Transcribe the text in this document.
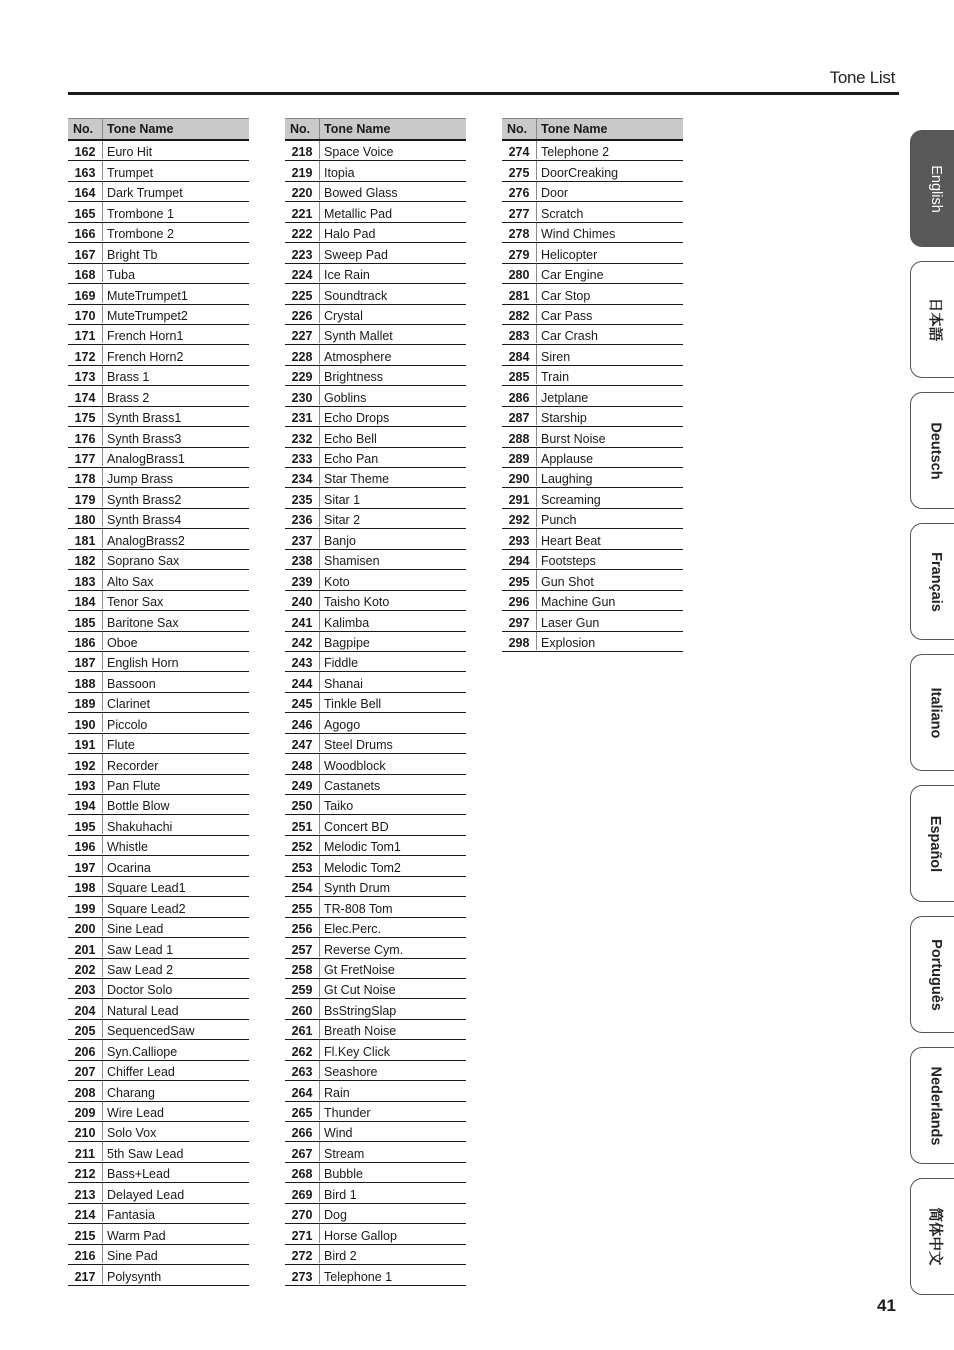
Tone List
No.	Tone Name
162 Euro Hit
163 Trumpet
164 Dark Trumpet
165 Trombone 1
166 Trombone 2
167 Bright Tb
168 Tuba
169 MuteTrumpet1
170 MuteTrumpet2
171 French Horn1
172 French Horn2
173 Brass 1
174 Brass 2
175 Synth Brass1
176 Synth Brass3
177 AnalogBrass1
178 Jump Brass
179 Synth Brass2
180 Synth Brass4
181 AnalogBrass2
182 Soprano Sax
183 Alto Sax
184 Tenor Sax
185 Baritone Sax
186 Oboe
187 English Horn
188 Bassoon
189 Clarinet
190 Piccolo
191 Flute
192 Recorder
193 Pan Flute
194 Bottle Blow
195 Shakuhachi
196 Whistle
197 Ocarina
198 Square Lead1
199 Square Lead2
200 Sine Lead
201 Saw Lead 1
202 Saw Lead 2
203 Doctor Solo
204 Natural Lead
205 SequencedSaw
206 Syn.Calliope
207 Chiffer Lead
208 Charang
209 Wire Lead
210 Solo Vox
211 5th Saw Lead
212 Bass+Lead
213 Delayed Lead
214 Fantasia
215 Warm Pad
216 Sine Pad
217 Polysynth
No.	Tone Name
218 Space Voice
219 Itopia
220 Bowed Glass
221 Metallic Pad
222 Halo Pad
223 Sweep Pad
224 Ice Rain
225 Soundtrack
226 Crystal
227 Synth Mallet
228 Atmosphere
229 Brightness
230 Goblins
231 Echo Drops
232 Echo Bell
233 Echo Pan
234 Star Theme
235 Sitar 1
236 Sitar 2
237 Banjo
238 Shamisen
239 Koto
240 Taisho Koto
241 Kalimba
242 Bagpipe
243 Fiddle
244 Shanai
245 Tinkle Bell
246 Agogo
247 Steel Drums
248 Woodblock
249 Castanets
250 Taiko
251 Concert BD
252 Melodic Tom1
253 Melodic Tom2
254 Synth Drum
255 TR-808 Tom
256 Elec.Perc.
257 Reverse Cym.
258 Gt FretNoise
259 Gt Cut Noise
260 BsStringSlap
261 Breath Noise
262 Fl.Key Click
263 Seashore
264 Rain
265 Thunder
266 Wind
267 Stream
268 Bubble
269 Bird 1
270 Dog
271 Horse Gallop
272 Bird 2
273 Telephone 1
No.	Tone Name
274 Telephone 2
275 DoorCreaking
276 Door
277 Scratch
278 Wind Chimes
279 Helicopter
280 Car Engine
281 Car Stop
282 Car Pass
283 Car Crash
284 Siren
285 Train
286 Jetplane
287 Starship
288 Burst Noise
289 Applause
290 Laughing
291 Screaming
292 Punch
293 Heart Beat
294 Footsteps
295 Gun Shot
296 Machine Gun
297 Laser Gun
298 Explosion
English
日本語
Deutsch
Français
Italiano
Español
Português
Nederlands
简体中文
41
